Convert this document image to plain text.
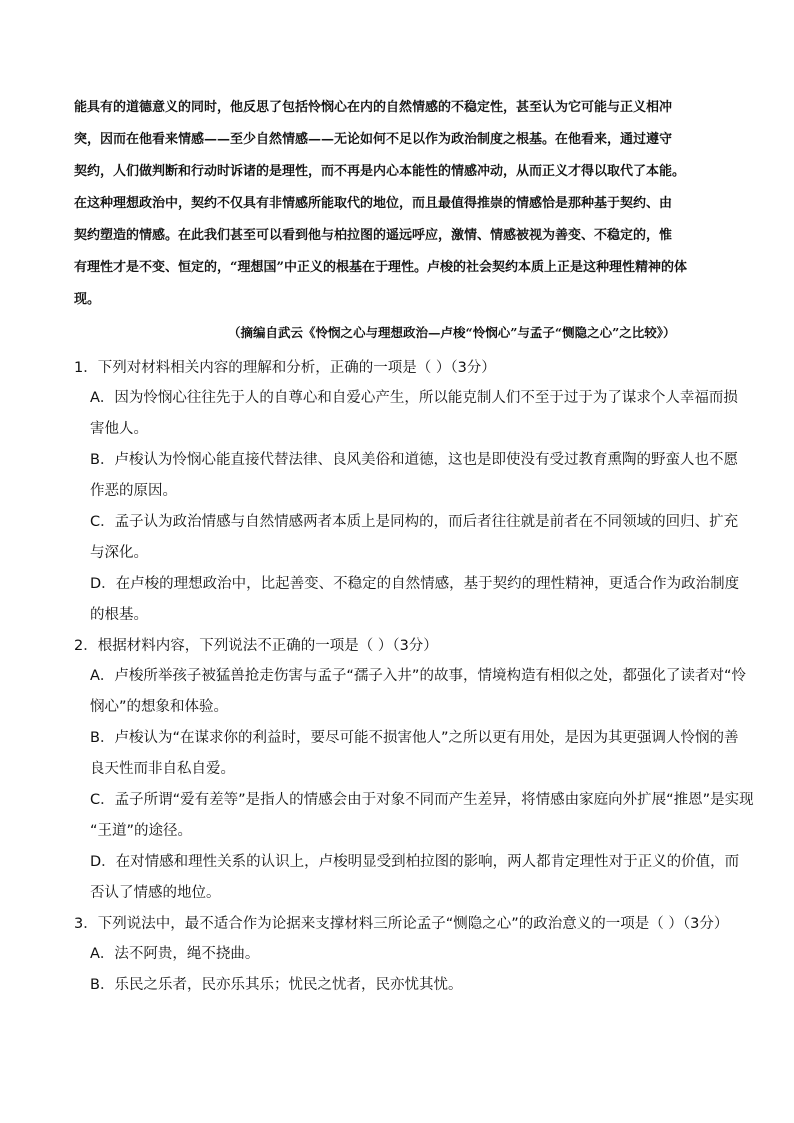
能具有的道德意义的同时，他反思了包括怜悯心在内的自然情感的不稳定性，甚至认为它可能与正义相冲
突，因而在他看来情感——至少自然情感——无论如何不足以作为政治制度之根基。在他看来，通过遵守
契约，人们做判断和行动时诉诸的是理性，而不再是内心本能性的情感冲动，从而正义才得以取代了本能。
在这种理想政治中，契约不仅具有非情感所能取代的地位，而且最值得推崇的情感恰是那种基于契约、由
契约塑造的情感。在此我们甚至可以看到他与柏拉图的遥远呼应，激情、情感被视为善变、不稳定的，惟
有理性才是不变、恒定的，“理想国”中正义的根基在于理性。卢梭的社会契约本质上正是这种理性精神的体
现。
（摘编自武云《怜悯之心与理想政治—卢梭“怜悯心”与孟子“恻隐之心”之比较》）
1．下列对材料相关内容的理解和分析，正确的一项是（ ）（3分）
A．因为怜悯心往往先于人的自尊心和自爱心产生，所以能克制人们不至于过于为了谋求个人幸福而损
害他人。
B．卢梭认为怜悯心能直接代替法律、良风美俗和道德，这也是即使没有受过教育熏陶的野蛮人也不愿
作恶的原因。
C．孟子认为政治情感与自然情感两者本质上是同构的，而后者往往就是前者在不同领域的回归、扩充
与深化。
D．在卢梭的理想政治中，比起善变、不稳定的自然情感，基于契约的理性精神，更适合作为政治制度
的根基。
2．根据材料内容，下列说法不正确的一项是（ ）（3分）
A．卢梭所举孩子被猛兽抢走伤害与孟子“孺子入井”的故事，情境构造有相似之处，都强化了读者对“怜
悯心”的想象和体验。
B．卢梭认为“在谋求你的利益时，要尽可能不损害他人”之所以更有用处，是因为其更强调人怜悯的善
良天性而非自私自爱。
C．孟子所谓“爱有差等”是指人的情感会由于对象不同而产生差异，将情感由家庭向外扩展“推恩”是实现
“王道”的途径。
D．在对情感和理性关系的认识上，卢梭明显受到柏拉图的影响，两人都肯定理性对于正义的价值，而
否认了情感的地位。
3．下列说法中，最不适合作为论据来支撑材料三所论孟子“恻隐之心”的政治意义的一项是（ ）（3分）
A．法不阿贵，绳不挠曲。
B．乐民之乐者，民亦乐其乐；忧民之忧者，民亦忧其忧。
